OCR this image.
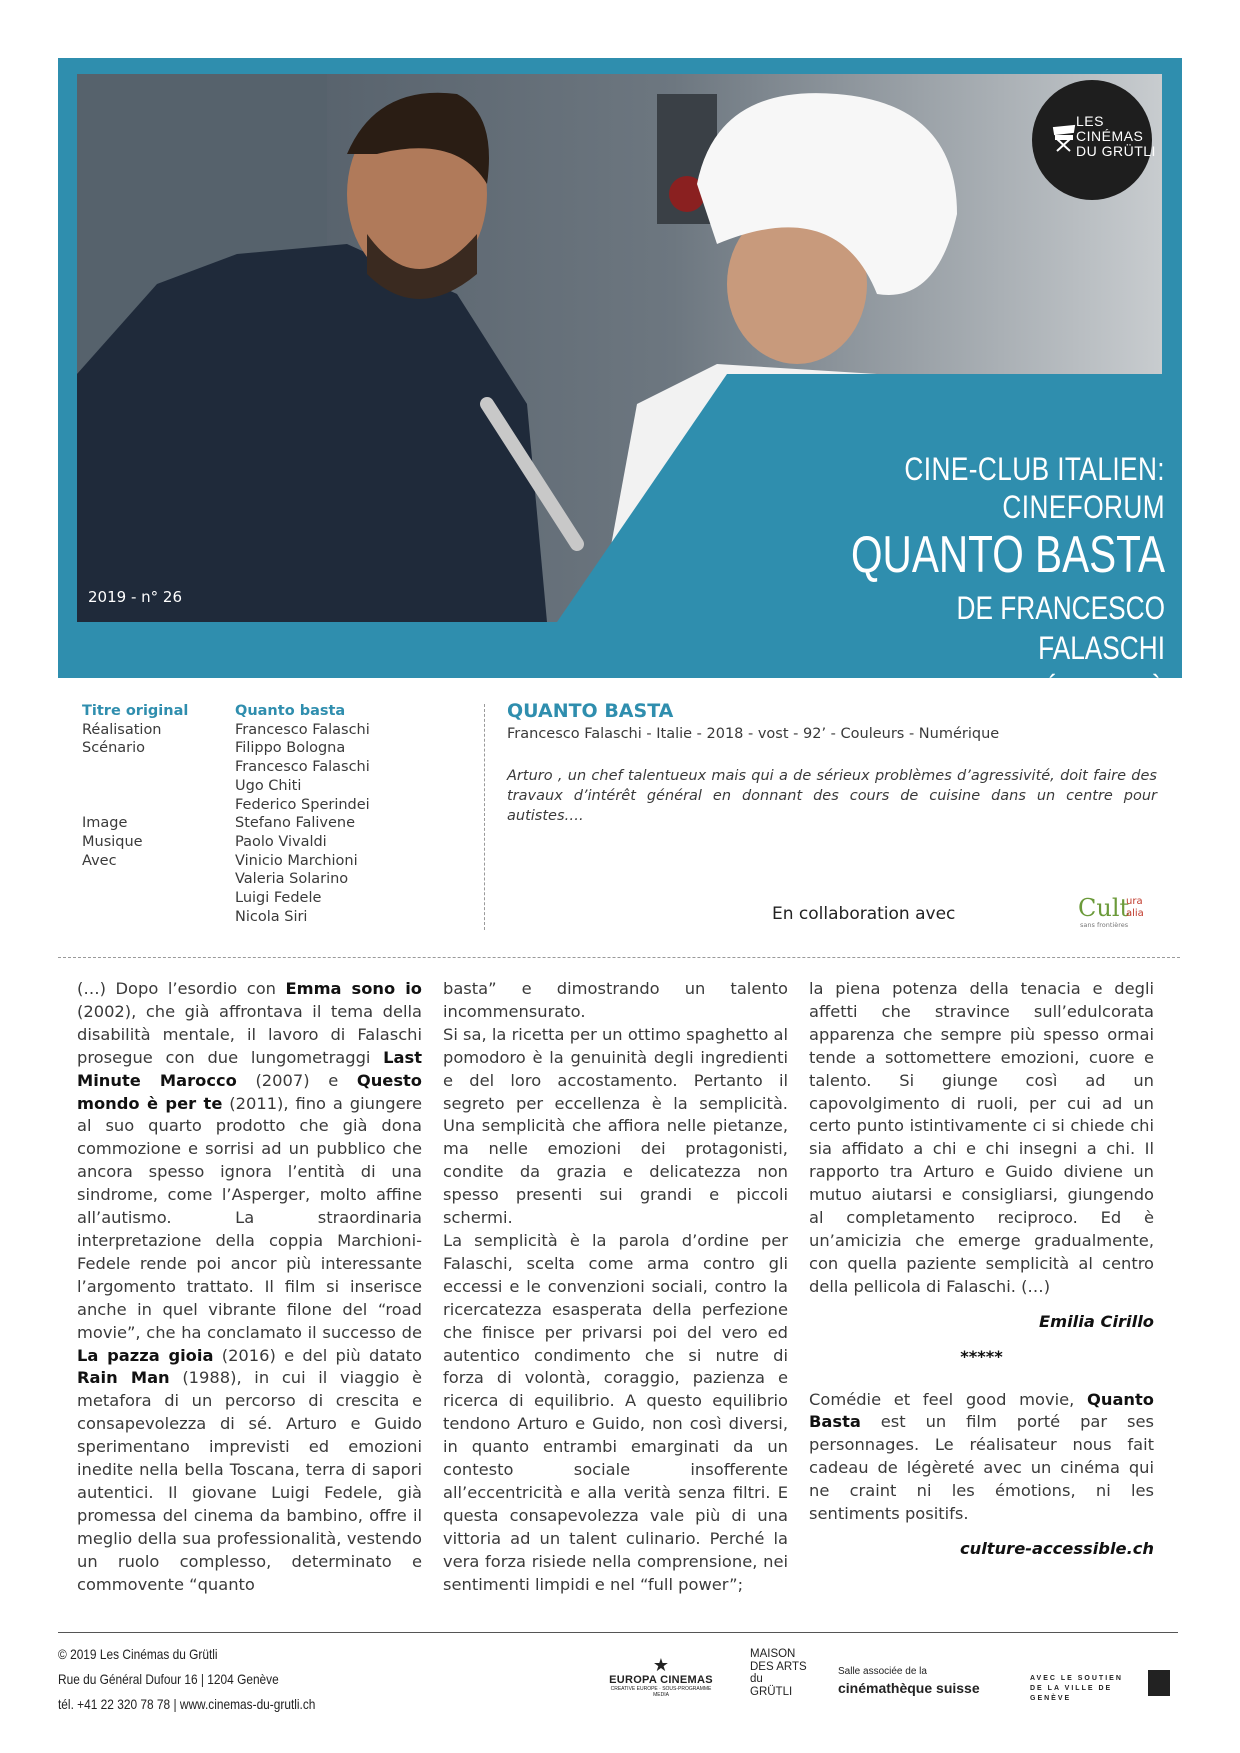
LES
CINÉMAS
DU GRÜTLI
2019 - n° 26
CINE-CLUB ITALIEN: CINEFORUM
QUANTO BASTA
DE FRANCESCO FALASCHI
MARDI 26 FÉVRIER À 20H45
Titre original	Quanto basta
Réalisation	Francesco Falaschi
Scénario	Filippo Bologna
Francesco Falaschi
Ugo Chiti
Federico Sperindei
Image	Stefano Falivene
Musique	Paolo Vivaldi
Avec	Vinicio Marchioni
Valeria Solarino
Luigi Fedele
Nicola Siri
QUANTO BASTA
Francesco Falaschi - Italie - 2018 - vost - 92’ - Couleurs - Numérique
Arturo , un chef talentueux mais qui a de sérieux problèmes d’agressivité, doit faire des travaux d’intérêt général en donnant des cours de cuisine dans un centre pour autistes….
En collaboration avec	Cult
ura
alia
sans frontières

(…) Dopo l’esordio con Emma sono io (2002), che già affrontava il tema della disabilità mentale, il lavoro di Falaschi prosegue con due lungometraggi Last Minute Marocco (2007) e Questo mondo è per te (2011), fino a giungere al suo quarto prodotto che già dona commozione e sorrisi ad un pubblico che ancora spesso ignora l’entità di una sindrome, come l’Asperger, molto affine all’autismo. La straordinaria interpretazione della coppia Marchioni-Fedele rende poi ancor più interessante l’argomento trattato. Il film si inserisce anche in quel vibrante filone del “road movie”, che ha conclamato il successo de La pazza gioia (2016) e del più datato Rain Man (1988), in cui il viaggio è metafora di un percorso di crescita e consapevolezza di sé. Arturo e Guido sperimentano imprevisti ed emozioni inedite nella bella Toscana, terra di sapori autentici. Il giovane Luigi Fedele, già promessa del cinema da bambino, offre il meglio della sua professionalità, vestendo un ruolo complesso, determinato e commovente “quanto

basta” e dimostrando un talento incommensurato.

Si sa, la ricetta per un ottimo spaghetto al pomodoro è la genuinità degli ingredienti e del loro accostamento. Pertanto il segreto per eccellenza è la semplicità. Una semplicità che affiora nelle pietanze, ma nelle emozioni dei protagonisti, condite da grazia e delicatezza non spesso presenti sui grandi e piccoli schermi.

La semplicità è la parola d’ordine per Falaschi, scelta come arma contro gli eccessi e le convenzioni sociali, contro la ricercatezza esasperata della perfezione che finisce per privarsi poi del vero ed autentico condimento che si nutre di forza di volontà, coraggio, pazienza e ricerca di equilibrio. A questo equilibrio tendono Arturo e Guido, non così diversi, in quanto entrambi emarginati da un contesto sociale insofferente all’eccentricità e alla verità senza filtri. E questa consapevolezza vale più di una vittoria ad un talent culinario. Perché la vera forza risiede nella comprensione, nei sentimenti limpidi e nel “full power”;

la piena potenza della tenacia e degli affetti che stravince sull’edulcorata apparenza che sempre più spesso ormai tende a sottomettere emozioni, cuore e talento. Si giunge così ad un capovolgimento di ruoli, per cui ad un certo punto istintivamente ci si chiede chi sia affidato a chi e chi insegni a chi. Il rapporto tra Arturo e Guido diviene un mutuo aiutarsi e consigliarsi, giungendo al completamento reciproco. Ed è un’amicizia che emerge gradualmente, con quella paziente semplicità al centro della pellicola di Falaschi. (…)

Emilia Cirillo
*****

Comédie et feel good movie, Quanto Basta est un film porté par ses personnages. Le réalisateur nous fait cadeau de légèreté avec un cinéma qui ne craint ni les émotions, ni les sentiments positifs.

culture-accessible.ch
© 2019 Les Cinémas du Grütli
Rue du Général Dufour 16 | 1204 Genève
tél. +41 22 320 78 78 | www.cinemas-du-grutli.ch
★
EUROPA CINEMAS
CREATIVE EUROPE · SOUS-PROGRAMME MEDIA
MAISON
DES ARTS
du
GRÜTLI
Salle associée de la
cinémathèque suisse
AVEC LE SOUTIEN DE LA VILLE DE GENÈVE
